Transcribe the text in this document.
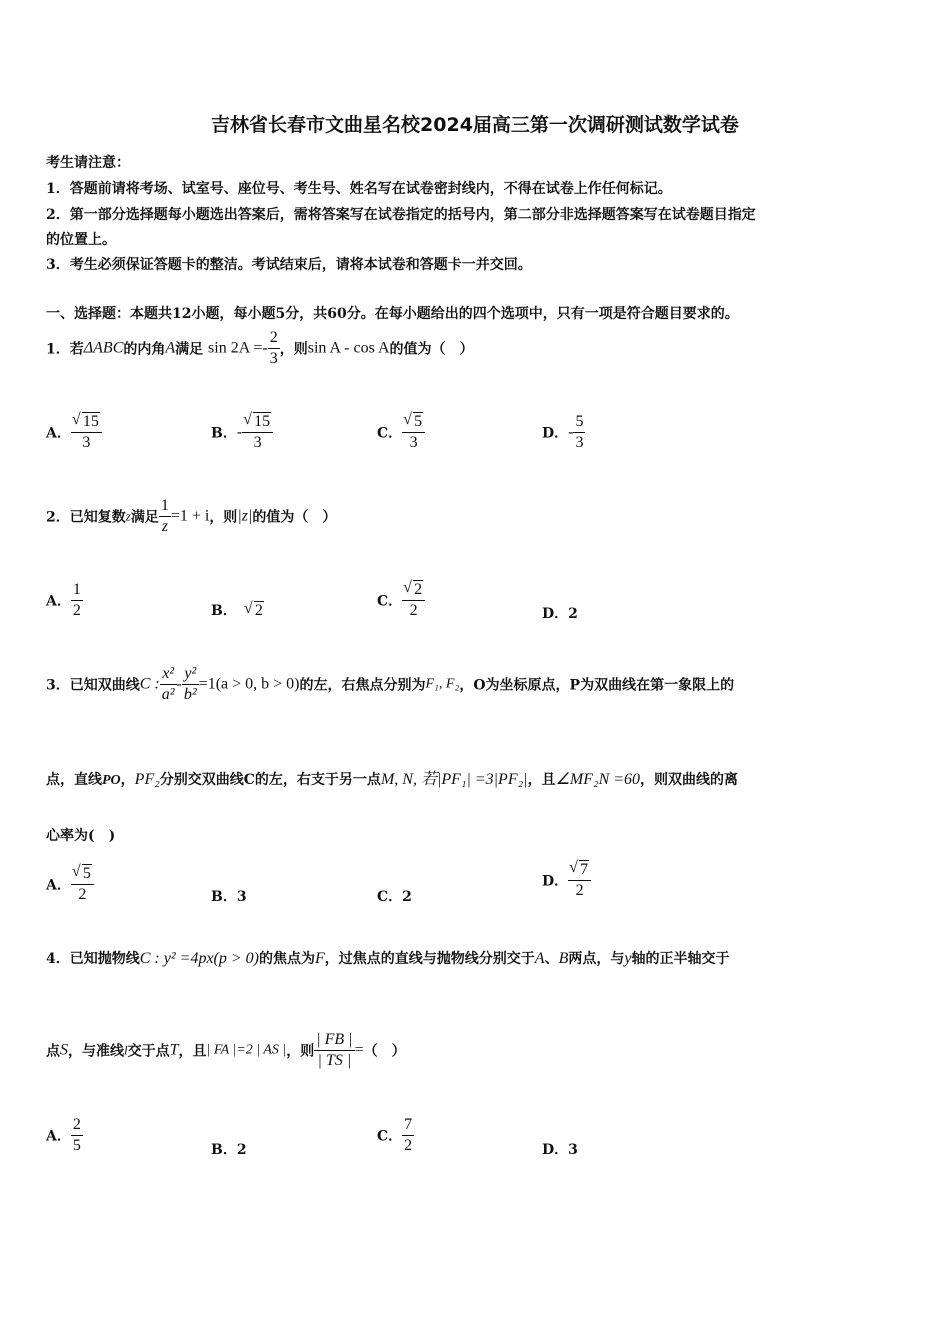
吉林省长春市文曲星名校2024届高三第一次调研测试数学试卷
考生请注意：
1．答题前请将考场、试室号、座位号、考生号、姓名写在试卷密封线内，不得在试卷上作任何标记。
2．第一部分选择题每小题选出答案后，需将答案写在试卷指定的括号内，第二部分非选择题答案写在试卷题目指定
的位置上。
3．考生必须保证答题卡的整洁。考试结束后，请将本试卷和答题卡一并交回。
一、选择题：本题共12小题，每小题5分，共60分。在每小题给出的四个选项中，只有一项是符合题目要求的。
1．若ΔABC的内角A满足 $\sin 2A =- \frac{2}{3}$ ，则sin A - cos A的值为（　）
A． √ $\frac{15}{3}$	B．- √ $\frac{15}{3}$	C． √ $\frac{5}{3}$	D．- $\frac{5}{3}$
2．已知复数z满足 $\frac{1}{z} =1 + i$，则|z|的值为（　）
A． $\frac{1}{2}$	B． √ 2
C． √ $\frac{2}{2}$	D．2
3．已知双曲线C : $\frac{\text{x²}}{\text{a²}} - \frac{\text{y²}}{\text{b²}} =1(a > 0$, b > 0)的左，右焦点分别为F₁, F₂，O为坐标原点，P为双曲线在第一象限上的
点，直线PO，PF₂分别交双曲线C的左，右支于另一点M, N, 若|PF₁| =3|PF₂|，且∠MF₂N =60，则双曲线的离
心率为(　)
A． √ $\frac{5}{2}$	B．3	C．2
D． √ $\frac{7}{2}$
4．已知抛物线C : y² =4px(p > 0)的焦点为F，过焦点的直线与抛物线分别交于A、B两点，与y轴的正半轴交于
点S，与准线l交于点T，且| FA |=2 | AS |，则 $\frac{| FB |}{| TS |}$ =（　）
A． $\frac{2}{5}$	B．2
C． $\frac{7}{2}$	D．3
